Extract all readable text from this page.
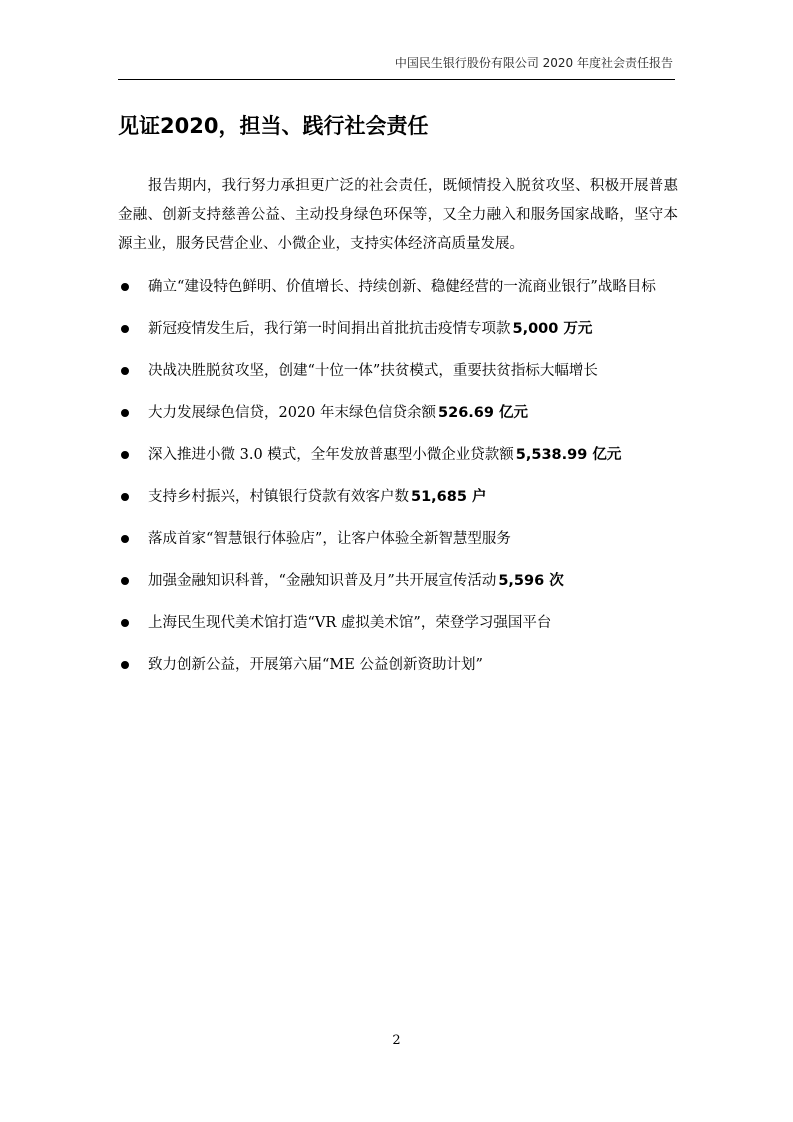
中国民生银行股份有限公司 2020 年度社会责任报告
见证2020，担当、践行社会责任

报告期内，我行努力承担更广泛的社会责任，既倾情投入脱贫攻坚、积极开展普惠金融、创新支持慈善公益、主动投身绿色环保等，又全力融入和服务国家战略，坚守本源主业，服务民营企业、小微企业，支持实体经济高质量发展。

确立“建设特色鲜明、价值增长、持续创新、稳健经营的一流商业银行”战略目标
新冠疫情发生后，我行第一时间捐出首批抗击疫情专项款 5,000 万元
决战决胜脱贫攻坚，创建“十位一体”扶贫模式，重要扶贫指标大幅增长
大力发展绿色信贷，2020 年末绿色信贷余额 526.69 亿元
深入推进小微 3.0 模式，全年发放普惠型小微企业贷款额 5,538.99 亿元
支持乡村振兴，村镇银行贷款有效客户数 51,685 户
落成首家“智慧银行体验店”，让客户体验全新智慧型服务
加强金融知识科普，“金融知识普及月”共开展宣传活动 5,596 次
上海民生现代美术馆打造“VR 虚拟美术馆”，荣登学习强国平台
致力创新公益，开展第六届“ME 公益创新资助计划”
2
